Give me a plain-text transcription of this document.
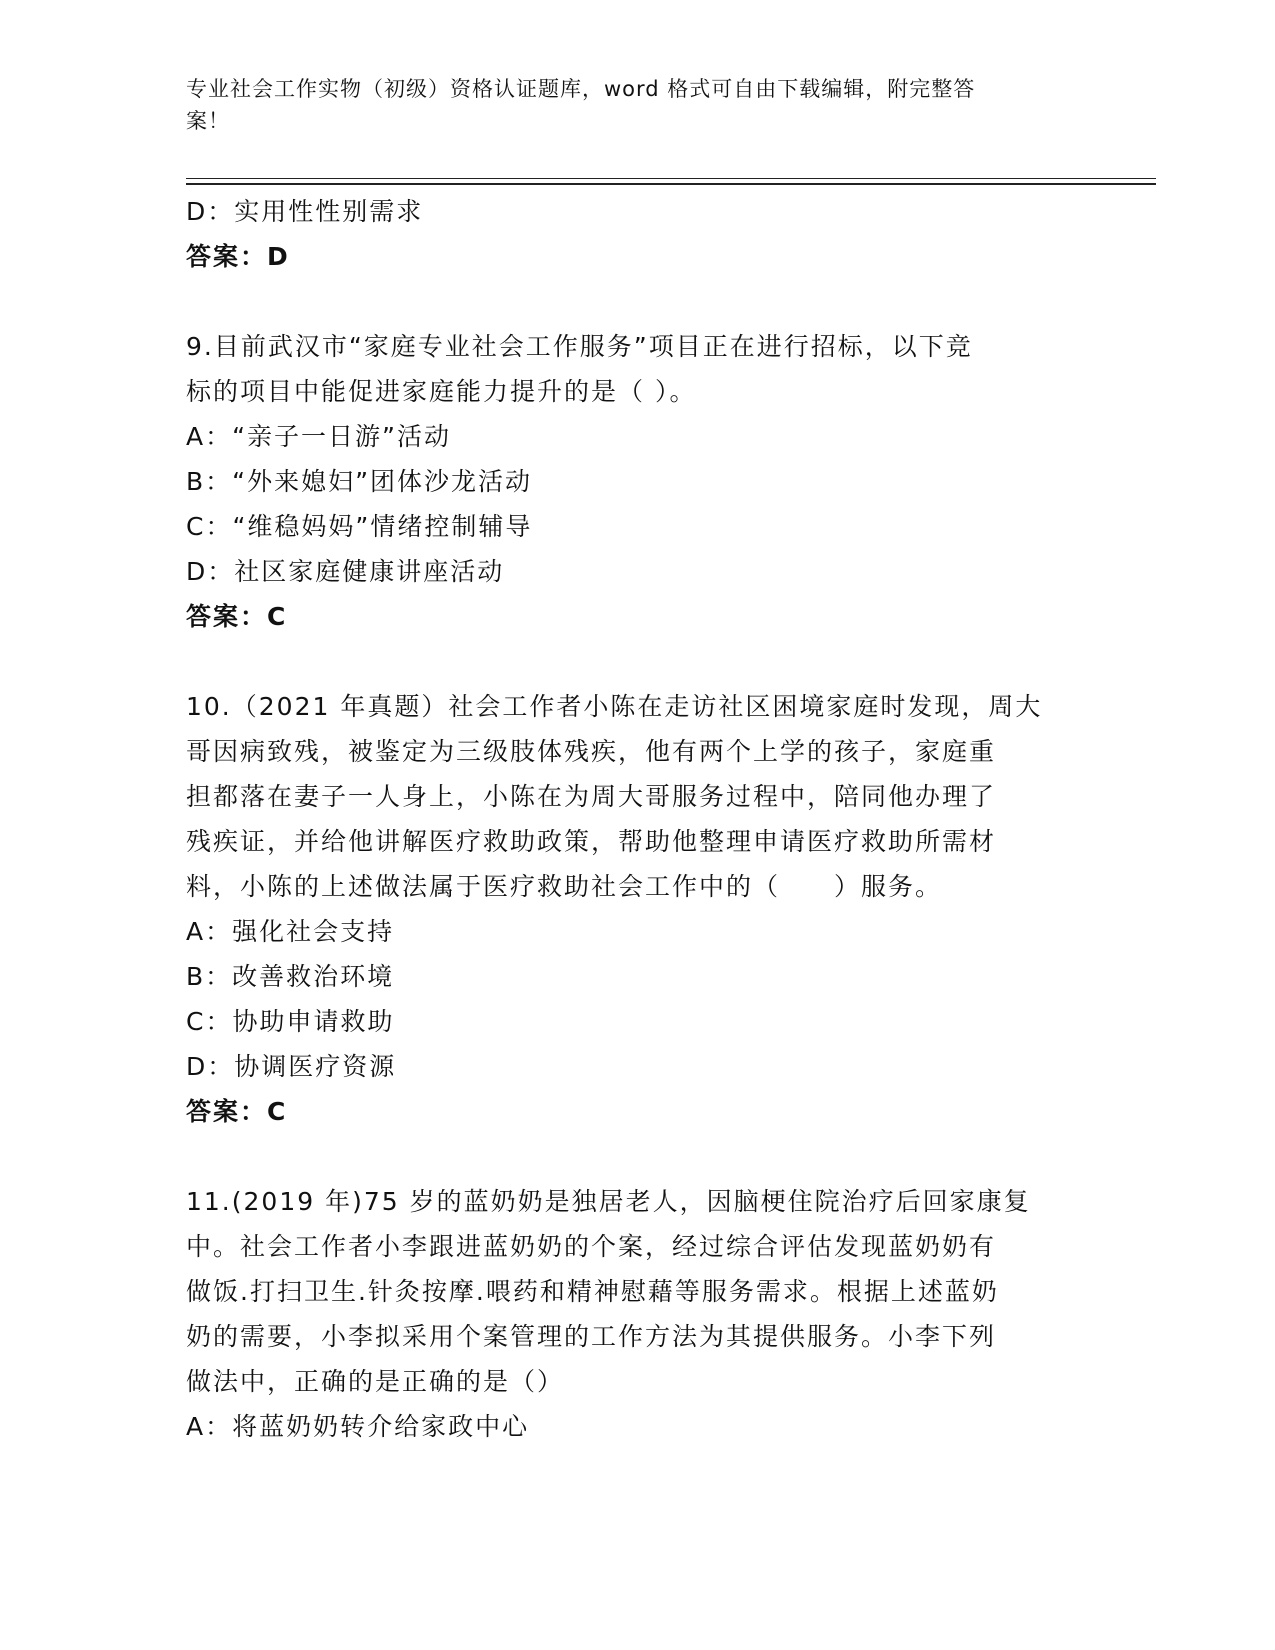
专业社会工作实物（初级）资格认证题库，word 格式可自由下载编辑，附完整答
案！
D：实用性性别需求
答案：D
9.目前武汉市“家庭专业社会工作服务”项目正在进行招标，以下竞
标的项目中能促进家庭能力提升的是（ ）。
A：“亲子一日游”活动
B：“外来媳妇”团体沙龙活动
C：“维稳妈妈”情绪控制辅导
D：社区家庭健康讲座活动
答案：C
10.（2021 年真题）社会工作者小陈在走访社区困境家庭时发现，周大
哥因病致残，被鉴定为三级肢体残疾，他有两个上学的孩子，家庭重
担都落在妻子一人身上，小陈在为周大哥服务过程中，陪同他办理了
残疾证，并给他讲解医疗救助政策，帮助他整理申请医疗救助所需材
料，小陈的上述做法属于医疗救助社会工作中的（　　）服务。
A：强化社会支持
B：改善救治环境
C：协助申请救助
D：协调医疗资源
答案：C
11.(2019 年)75 岁的蓝奶奶是独居老人，因脑梗住院治疗后回家康复
中。社会工作者小李跟进蓝奶奶的个案，经过综合评估发现蓝奶奶有
做饭.打扫卫生.针灸按摩.喂药和精神慰藉等服务需求。根据上述蓝奶
奶的需要，小李拟采用个案管理的工作方法为其提供服务。小李下列
做法中，正确的是正确的是（）
A：将蓝奶奶转介给家政中心
